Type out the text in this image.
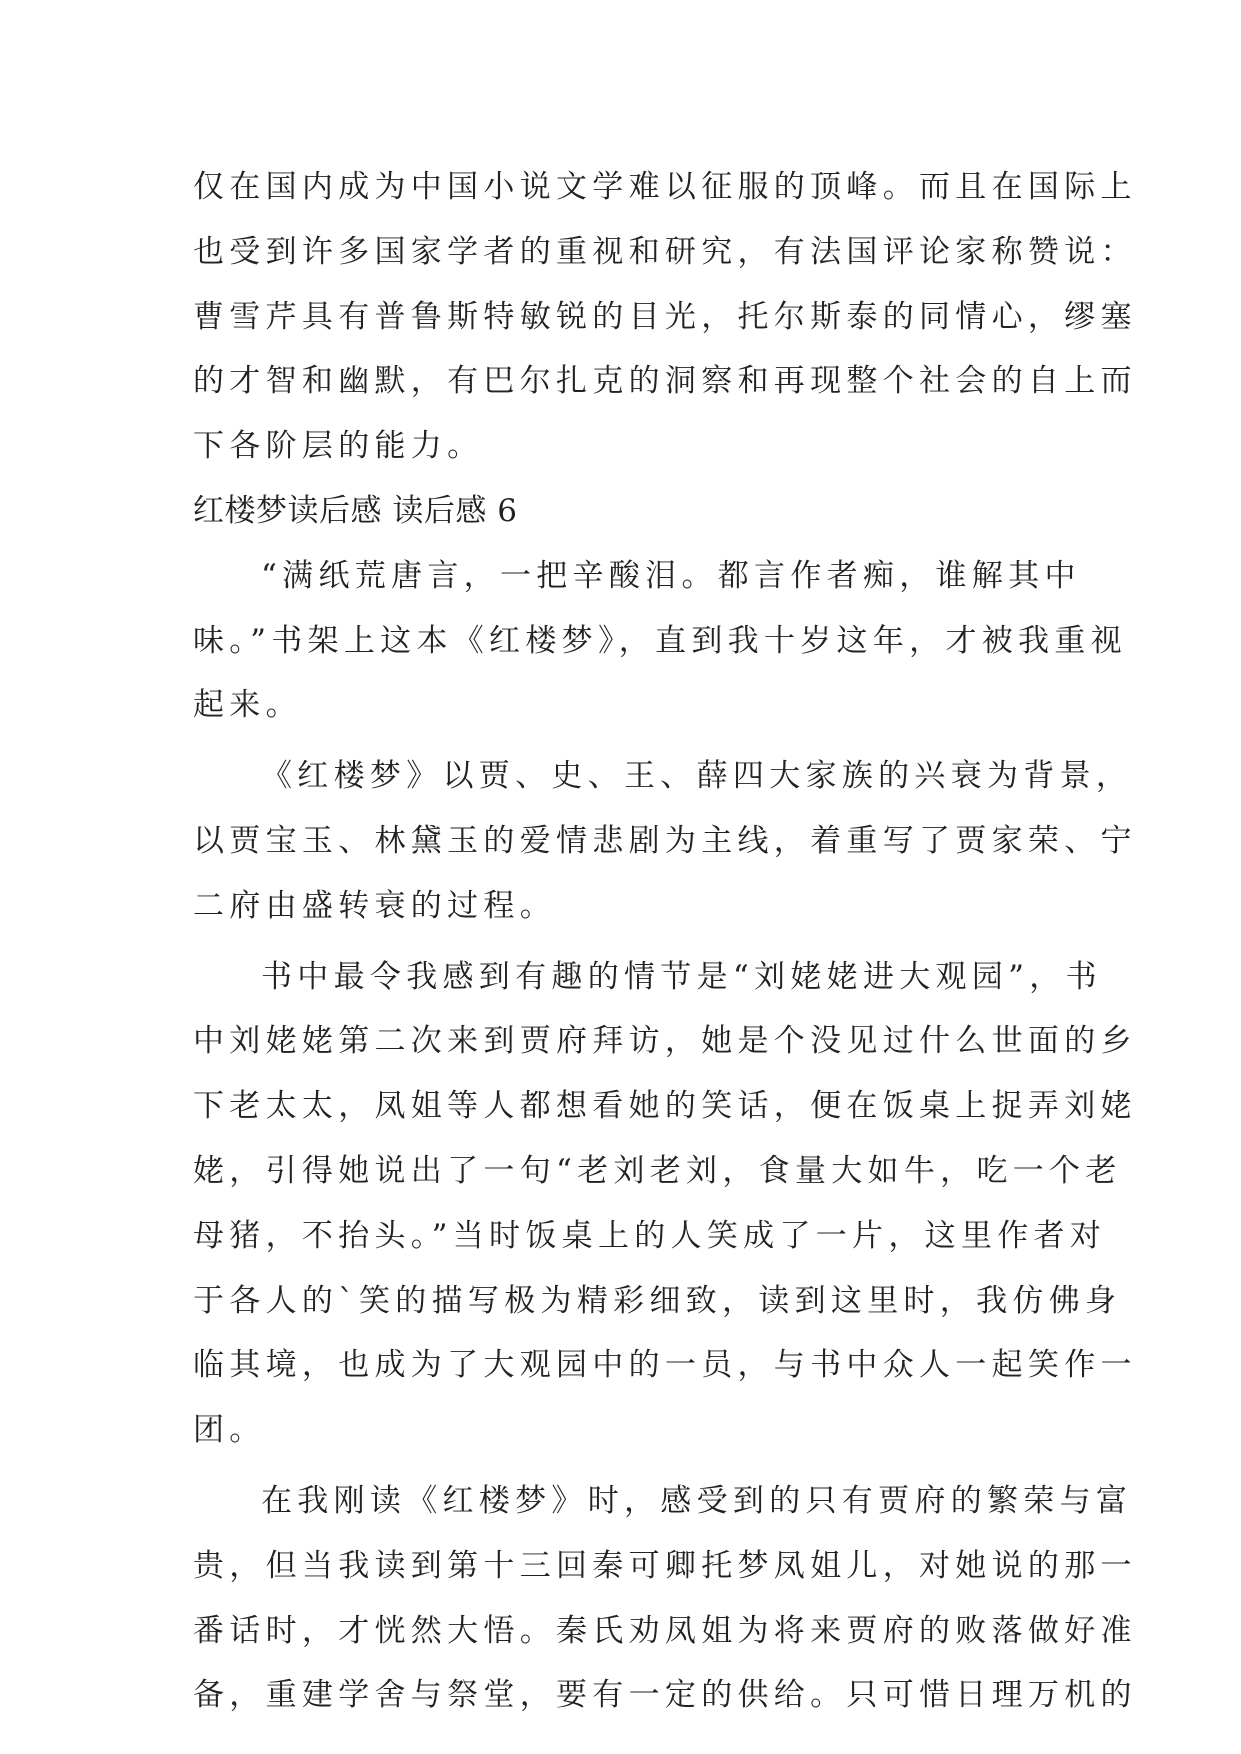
仅在国内成为中国小说文学难以征服的顶峰。而且在国际上
也受到许多国家学者的重视和研究，有法国评论家称赞说：
曹雪芹具有普鲁斯特敏锐的目光，托尔斯泰的同情心，缪塞
的才智和幽默，有巴尔扎克的洞察和再现整个社会的自上而
下各阶层的能力。
红楼梦读后感 读后感 6
“满纸荒唐言，一把辛酸泪。都言作者痴，谁解其中
味。”书架上这本《红楼梦》，直到我十岁这年，才被我重视
起来。
《红楼梦》以贾、史、王、薛四大家族的兴衰为背景，
以贾宝玉、林黛玉的爱情悲剧为主线，着重写了贾家荣、宁
二府由盛转衰的过程。
书中最令我感到有趣的情节是“刘姥姥进大观园”，书
中刘姥姥第二次来到贾府拜访，她是个没见过什么世面的乡
下老太太，凤姐等人都想看她的笑话，便在饭桌上捉弄刘姥
姥，引得她说出了一句“老刘老刘，食量大如牛，吃一个老
母猪，不抬头。”当时饭桌上的人笑成了一片，这里作者对
于各人的`笑的描写极为精彩细致，读到这里时，我仿佛身
临其境，也成为了大观园中的一员，与书中众人一起笑作一
团。
在我刚读《红楼梦》时，感受到的只有贾府的繁荣与富
贵，但当我读到第十三回秦可卿托梦凤姐儿，对她说的那一
番话时，才恍然大悟。秦氏劝凤姐为将来贾府的败落做好准
备，重建学舍与祭堂，要有一定的供给。只可惜日理万机的
